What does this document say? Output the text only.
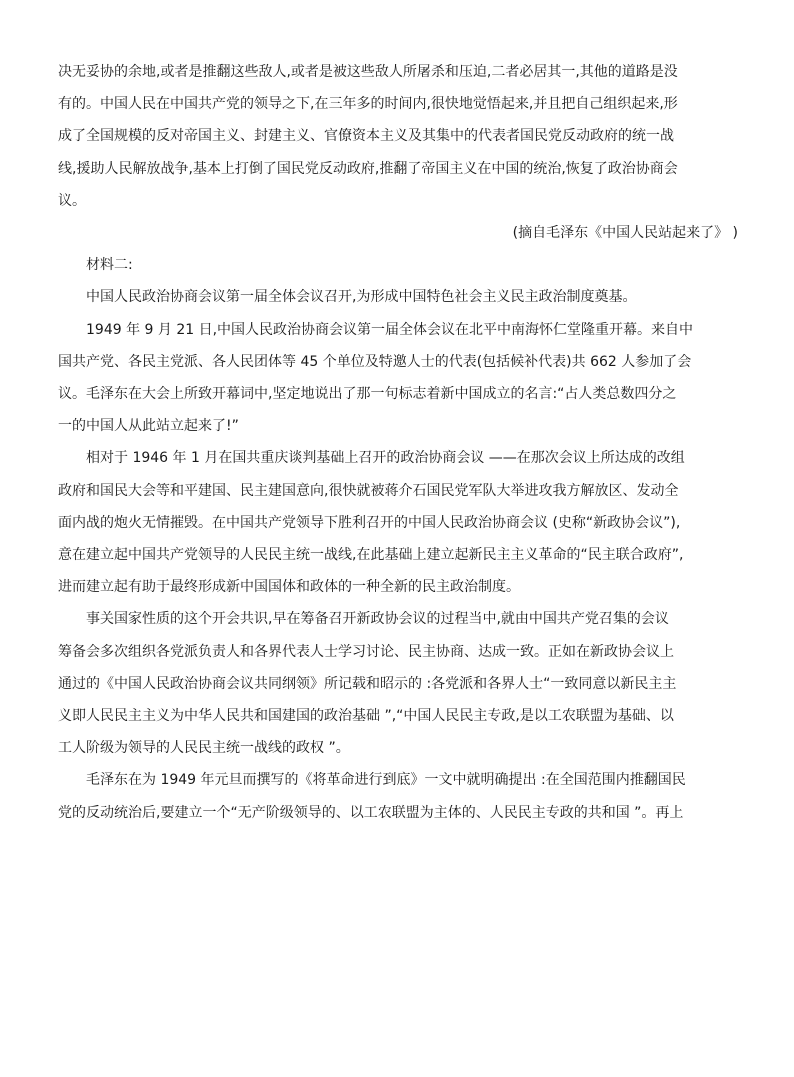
决无妥协的余地,或者是推翻这些敌人,或者是被这些敌人所屠杀和压迫,二者必居其一,其他的道路是没
有的。中国人民在中国共产党的领导之下,在三年多的时间内,很快地觉悟起来,并且把自己组织起来,形
成了全国规模的反对帝国主义、封建主义、官僚资本主义及其集中的代表者国民党反动政府的统一战
线,援助人民解放战争,基本上打倒了国民党反动政府,推翻了帝国主义在中国的统治,恢复了政治协商会
议。

(摘自毛泽东《中国人民站起来了》 )

材料二:

中国人民政治协商会议第一届全体会议召开,为形成中国特色社会主义民主政治制度奠基。

1949 年 9 月 21 日,中国人民政治协商会议第一届全体会议在北平中南海怀仁堂隆重开幕。来自中
国共产党、各民主党派、各人民团体等 45 个单位及特邀人士的代表(包括候补代表)共 662 人参加了会
议。毛泽东在大会上所致开幕词中,坚定地说出了那一句标志着新中国成立的名言:“占人类总数四分之
一的中国人从此站立起来了!”

相对于 1946 年 1 月在国共重庆谈判基础上召开的政治协商会议 ——在那次会议上所达成的改组
政府和国民大会等和平建国、民主建国意向,很快就被蒋介石国民党军队大举进攻我方解放区、发动全
面内战的炮火无情摧毁。在中国共产党领导下胜利召开的中国人民政治协商会议 (史称“新政协会议”),
意在建立起中国共产党领导的人民民主统一战线,在此基础上建立起新民主主义革命的“民主联合政府”,
进而建立起有助于最终形成新中国国体和政体的一种全新的民主政治制度。

事关国家性质的这个开会共识,早在筹备召开新政协会议的过程当中,就由中国共产党召集的会议
筹备会多次组织各党派负责人和各界代表人士学习讨论、民主协商、达成一致。正如在新政协会议上
通过的《中国人民政治协商会议共同纲领》所记载和昭示的 :各党派和各界人士“一致同意以新民主主
义即人民民主主义为中华人民共和国建国的政治基础 ”,“中国人民民主专政,是以工农联盟为基础、以
工人阶级为领导的人民民主统一战线的政权 ”。

毛泽东在为 1949 年元旦而撰写的《将革命进行到底》一文中就明确提出 :在全国范围内推翻国民
党的反动统治后,要建立一个“无产阶级领导的、以工农联盟为主体的、人民民主专政的共和国 ”。再上
